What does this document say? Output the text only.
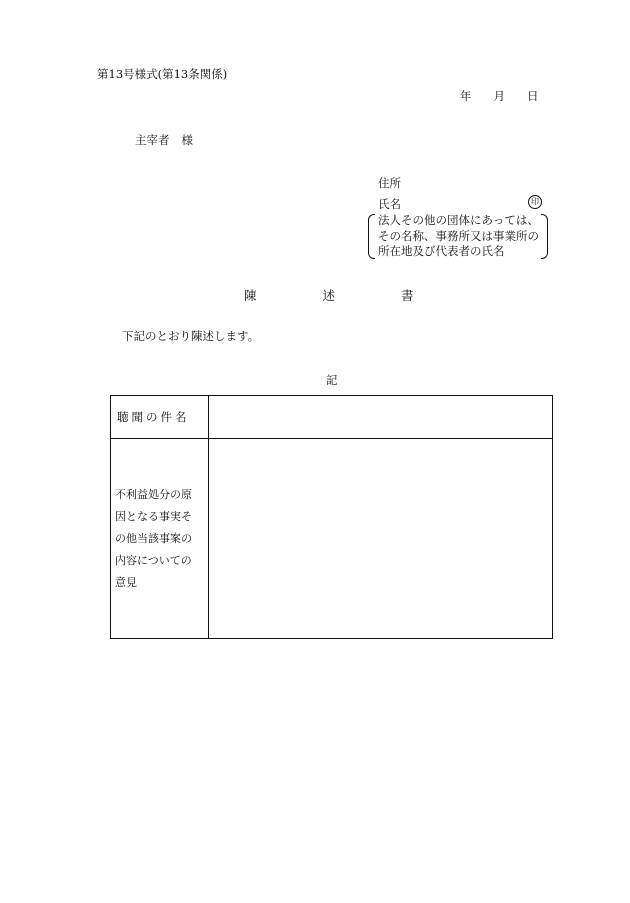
第13号様式(第13条関係)
年 月 日
主宰者 様
住所
氏名	印
法人その他の団体にあっては、
その名称、事務所又は事業所の
所在地及び代表者の氏名
陳	述	書
下記のとおり陳述します。
記
聴聞の件名	

不利益処分の原
因となる事実そ
の他当該事案の
内容についての
意見	
